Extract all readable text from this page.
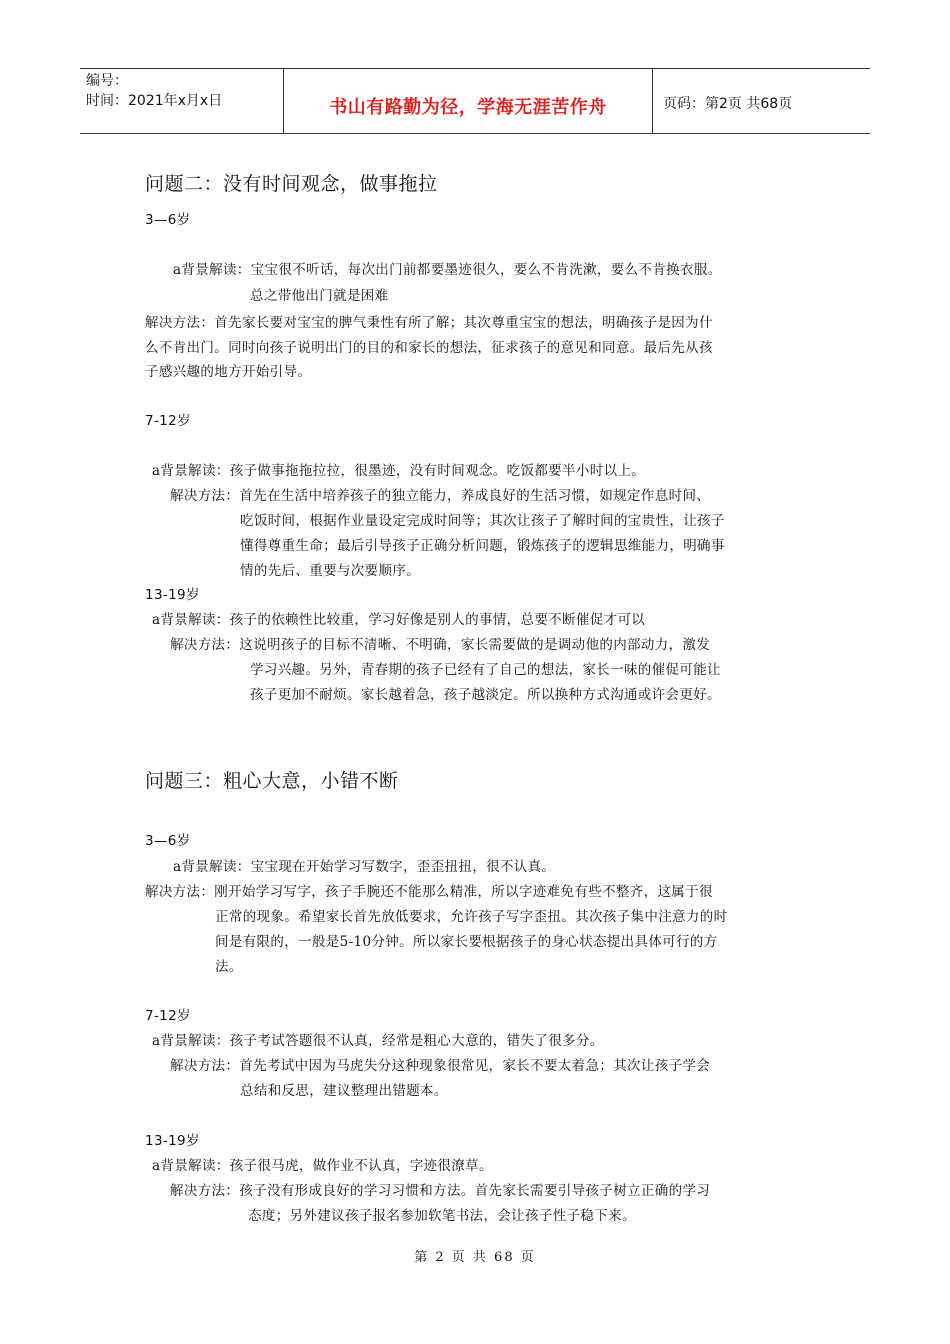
编号：
时间：2021年x月x日	书山有路勤为径，学海无涯苦作舟	页码：第2页 共68页
问题二：没有时间观念，做事拖拉
3—6岁
a背景解读：宝宝很不听话，每次出门前都要墨迹很久，要么不肯洗漱，要么不肯换衣服。
总之带他出门就是困难
解决方法：首先家长要对宝宝的脾气秉性有所了解；其次尊重宝宝的想法，明确孩子是因为什
么不肯出门。同时向孩子说明出门的目的和家长的想法，征求孩子的意见和同意。最后先从孩
子感兴趣的地方开始引导。
7-12岁
a背景解读：孩子做事拖拖拉拉，很墨迹，没有时间观念。吃饭都要半小时以上。
解决方法：首先在生活中培养孩子的独立能力，养成良好的生活习惯，如规定作息时间、
吃饭时间，根据作业量设定完成时间等；其次让孩子了解时间的宝贵性，让孩子
懂得尊重生命；最后引导孩子正确分析问题，锻炼孩子的逻辑思维能力，明确事
情的先后、重要与次要顺序。
13-19岁
a背景解读：孩子的依赖性比较重，学习好像是别人的事情，总要不断催促才可以
解决方法：这说明孩子的目标不清晰、不明确，家长需要做的是调动他的内部动力，激发
学习兴趣。另外，青春期的孩子已经有了自己的想法，家长一味的催促可能让
孩子更加不耐烦。家长越着急，孩子越淡定。所以换种方式沟通或许会更好。
问题三：粗心大意，小错不断
3—6岁
a背景解读：宝宝现在开始学习写数字，歪歪扭扭，很不认真。
解决方法：刚开始学习写字，孩子手腕还不能那么精准，所以字迹难免有些不整齐，这属于很
正常的现象。希望家长首先放低要求，允许孩子写字歪扭。其次孩子集中注意力的时
间是有限的，一般是5-10分钟。所以家长要根据孩子的身心状态提出具体可行的方
法。
7-12岁
a背景解读：孩子考试答题很不认真，经常是粗心大意的，错失了很多分。
解决方法：首先考试中因为马虎失分这种现象很常见，家长不要太着急；其次让孩子学会
总结和反思，建议整理出错题本。
13-19岁
a背景解读：孩子很马虎，做作业不认真，字迹很潦草。
解决方法：孩子没有形成良好的学习习惯和方法。首先家长需要引导孩子树立正确的学习
态度；另外建议孩子报名参加软笔书法，会让孩子性子稳下来。
第 2 页 共 68 页
